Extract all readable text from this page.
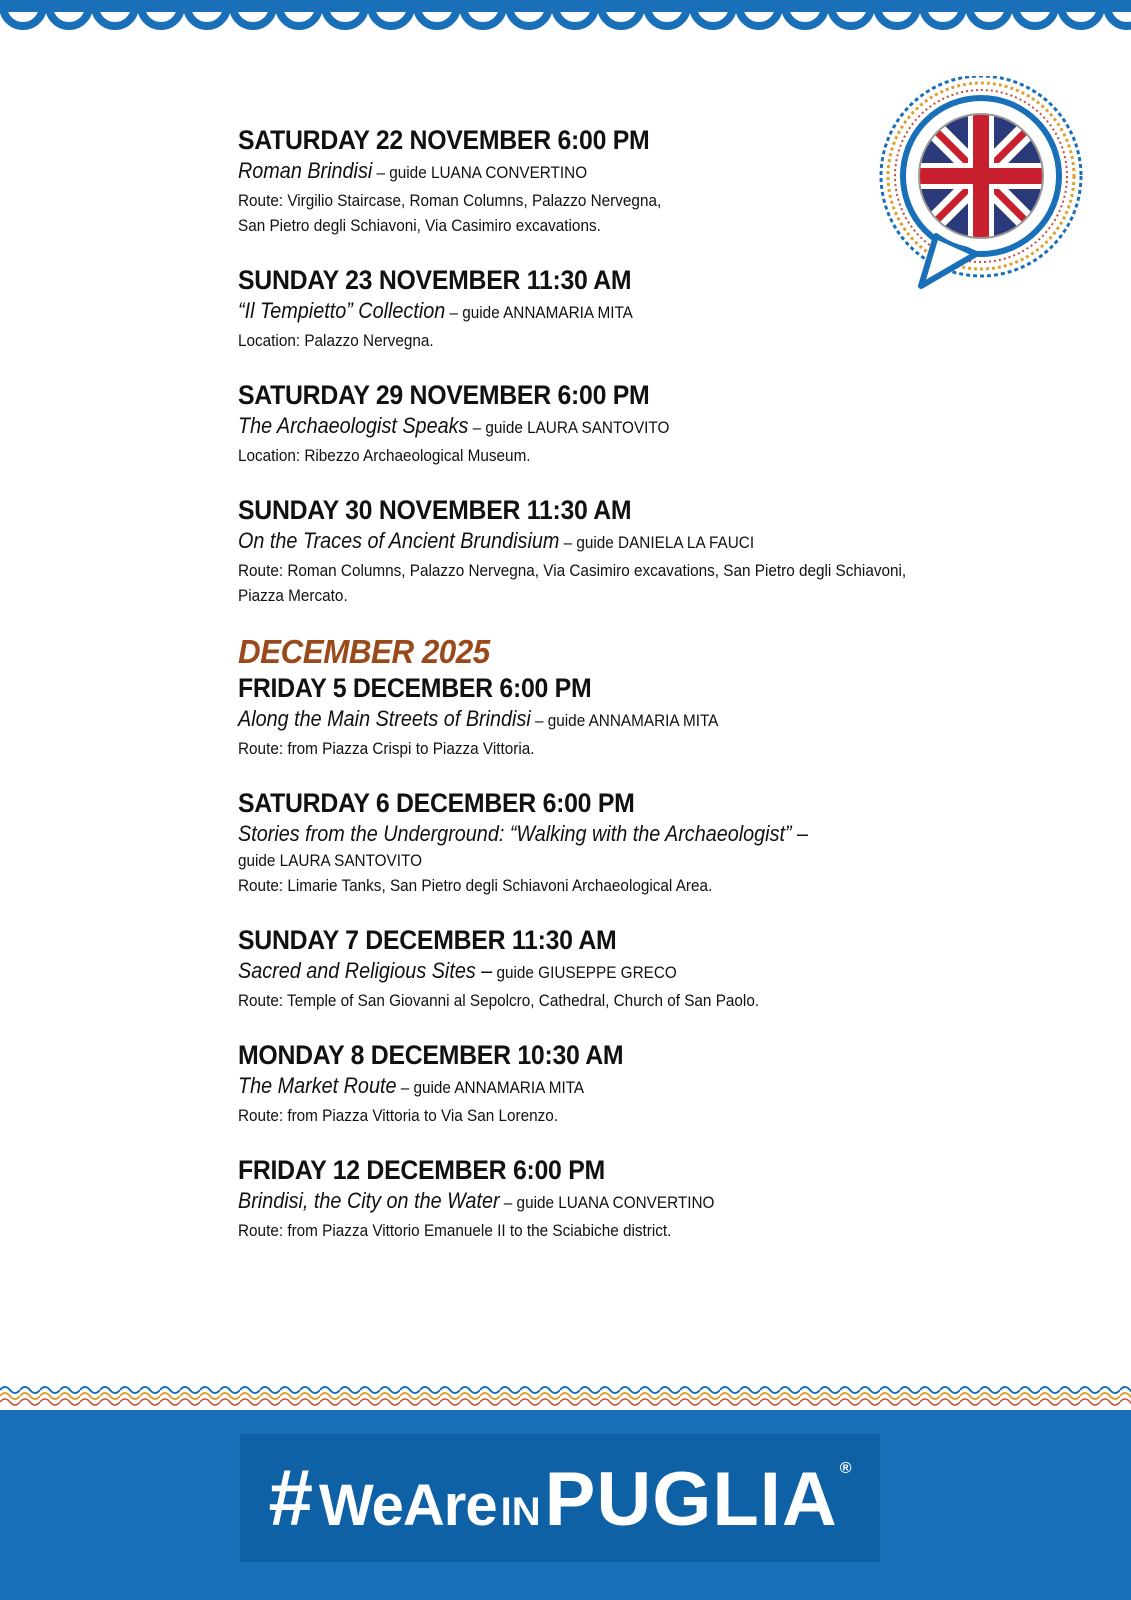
SATURDAY 22 NOVEMBER 6:00 PM
Roman Brindisi – guide LUANA CONVERTINO
Route: Virgilio Staircase, Roman Columns, Palazzo Nervegna,
San Pietro degli Schiavoni, Via Casimiro excavations.
SUNDAY 23 NOVEMBER 11:30 AM
“Il Tempietto” Collection – guide ANNAMARIA MITA
Location: Palazzo Nervegna.
SATURDAY 29 NOVEMBER 6:00 PM
The Archaeologist Speaks – guide LAURA SANTOVITO
Location: Ribezzo Archaeological Museum.
SUNDAY 30 NOVEMBER 11:30 AM
On the Traces of Ancient Brundisium – guide DANIELA LA FAUCI
Route: Roman Columns, Palazzo Nervegna, Via Casimiro excavations, San Pietro degli Schiavoni,
Piazza Mercato.
DECEMBER 2025
FRIDAY 5 DECEMBER 6:00 PM
Along the Main Streets of Brindisi – guide ANNAMARIA MITA
Route: from Piazza Crispi to Piazza Vittoria.
SATURDAY 6 DECEMBER 6:00 PM
Stories from the Underground: “Walking with the Archaeologist” –
guide LAURA SANTOVITO
Route: Limarie Tanks, San Pietro degli Schiavoni Archaeological Area.
SUNDAY 7 DECEMBER 11:30 AM
Sacred and Religious Sites – guide GIUSEPPE GRECO
Route: Temple of San Giovanni al Sepolcro, Cathedral, Church of San Paolo.
MONDAY 8 DECEMBER 10:30 AM
The Market Route – guide ANNAMARIA MITA
Route: from Piazza Vittoria to Via San Lorenzo.
FRIDAY 12 DECEMBER 6:00 PM
Brindisi, the City on the Water – guide LUANA CONVERTINO
Route: from Piazza Vittorio Emanuele II to the Sciabiche district.
# WeAre IN PUGLIA ®
